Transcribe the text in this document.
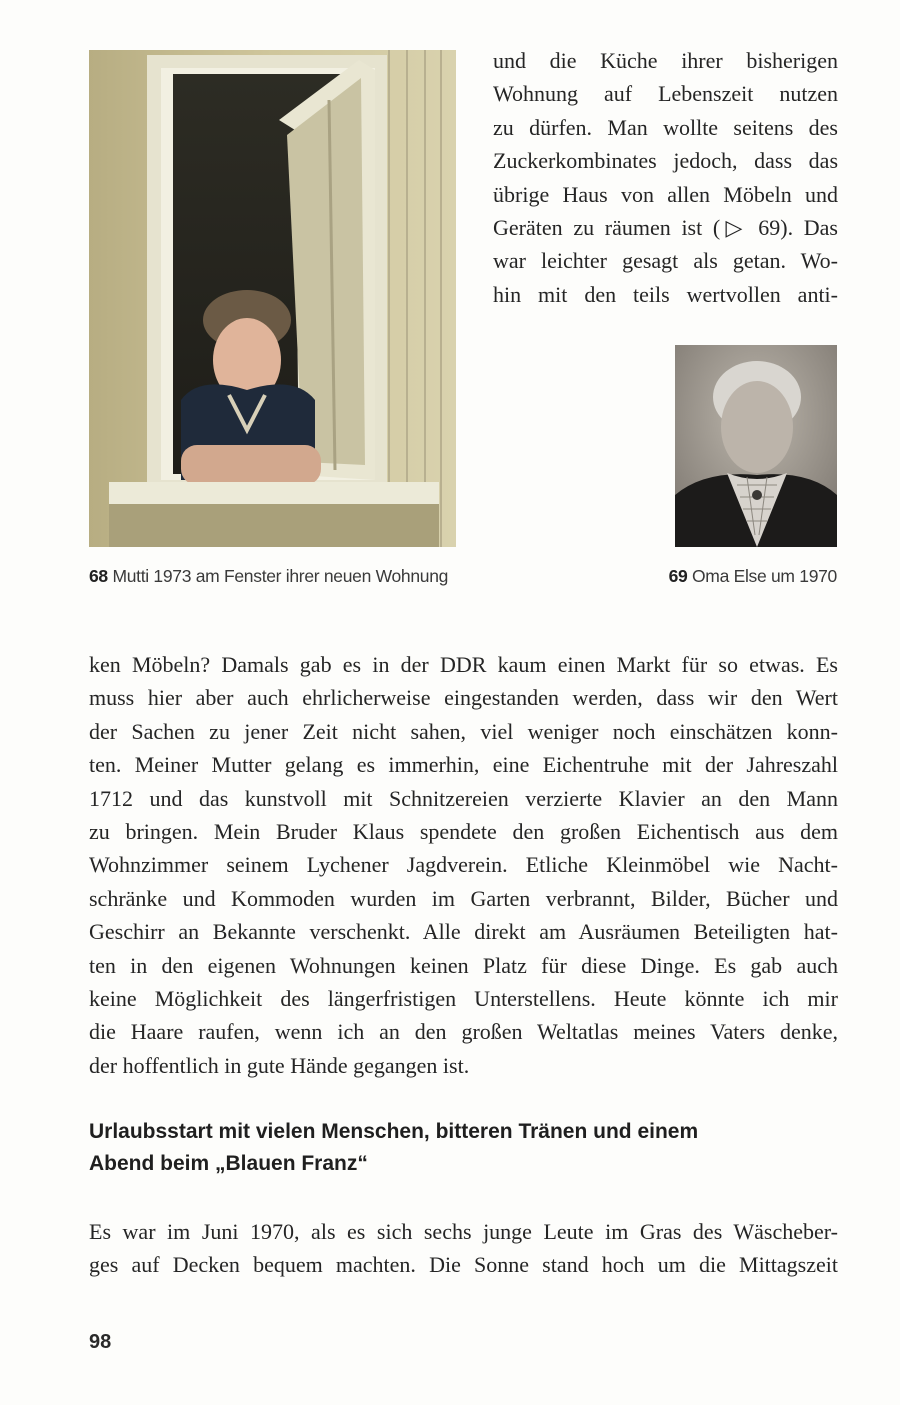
und die Küche ihrer bisherigen
Wohnung auf Lebenszeit nutzen
zu dürfen. Man wollte seitens des
Zuckerkombinates jedoch, dass das
übrige Haus von allen Möbeln und
Geräten zu räumen ist (▷ 69). Das
war leichter gesagt als getan. Wo-
hin mit den teils wertvollen anti-
68 Mutti 1973 am Fenster ihrer neuen Wohnung	69 Oma Else um 1970
ken Möbeln? Damals gab es in der DDR kaum einen Markt für so etwas. Es
muss hier aber auch ehrlicherweise eingestanden werden, dass wir den Wert
der Sachen zu jener Zeit nicht sahen, viel weniger noch einschätzen konn-
ten. Meiner Mutter gelang es immerhin, eine Eichentruhe mit der Jahreszahl
1712 und das kunstvoll mit Schnitzereien verzierte Klavier an den Mann
zu bringen. Mein Bruder Klaus spendete den großen Eichentisch aus dem
Wohnzimmer seinem Lychener Jagdverein. Etliche Kleinmöbel wie Nacht-
schränke und Kommoden wurden im Garten verbrannt, Bilder, Bücher und
Geschirr an Bekannte verschenkt. Alle direkt am Ausräumen Beteiligten hat-
ten in den eigenen Wohnungen keinen Platz für diese Dinge. Es gab auch
keine Möglichkeit des längerfristigen Unterstellens. Heute könnte ich mir
die Haare raufen, wenn ich an den großen Weltatlas meines Vaters denke,
der hoffentlich in gute Hände gegangen ist.
Urlaubsstart mit vielen Menschen, bitteren Tränen und einem
Abend beim „Blauen Franz“
Es war im Juni 1970, als es sich sechs junge Leute im Gras des Wäscheber-
ges auf Decken bequem machten. Die Sonne stand hoch um die Mittagszeit
98
